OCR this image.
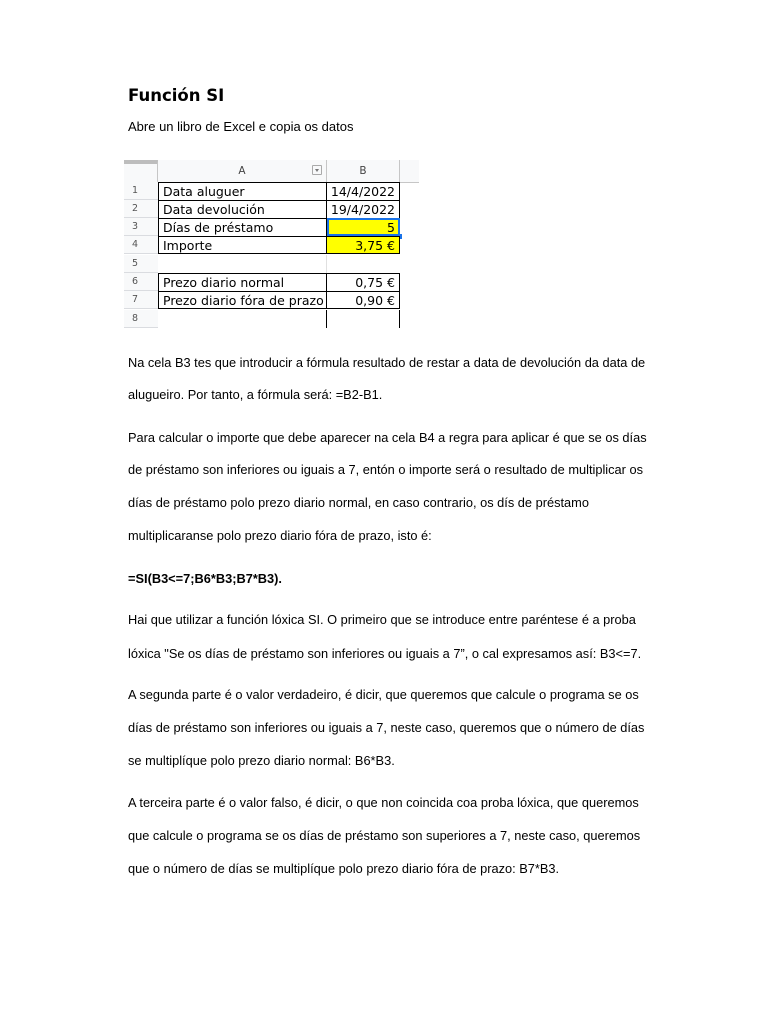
Función SI

Abre un libro de Excel e copia os datos

A	B
1	Data aluguer	14/4/2022
2	Data devolución	19/4/2022
3	Días de préstamo	5
4	Importe	3,75 €
5
6	Prezo diario normal	0,75 €
7	Prezo diario fóra de prazo	0,90 €
8

Na cela B3 tes que introducir a fórmula resultado de restar a data de devolución da data de

alugueiro. Por tanto, a fórmula será: =B2-B1.

Para calcular o importe que debe aparecer na cela B4 a regra para aplicar é que se os días

de préstamo son inferiores ou iguais a 7, entón o importe será o resultado de multiplicar os

días de préstamo polo prezo diario normal, en caso contrario, os dís de préstamo

multiplicaranse polo prezo diario fóra de prazo, isto é:

=SI(B3<=7;B6*B3;B7*B3).

Hai que utilizar a función lóxica SI. O primeiro que se introduce entre paréntese é a proba

lóxica "Se os días de préstamo son inferiores ou iguais a 7”, o cal expresamos así: B3<=7.

A segunda parte é o valor verdadeiro, é dicir, que queremos que calcule o programa se os

días de préstamo son inferiores ou iguais a 7, neste caso, queremos que o número de días

se multiplíque polo prezo diario normal: B6*B3.

A terceira parte é o valor falso, é dicir, o que non coincida coa proba lóxica, que queremos

que calcule o programa se os días de préstamo son superiores a 7, neste caso, queremos

que o número de días se multiplíque polo prezo diario fóra de prazo: B7*B3.
